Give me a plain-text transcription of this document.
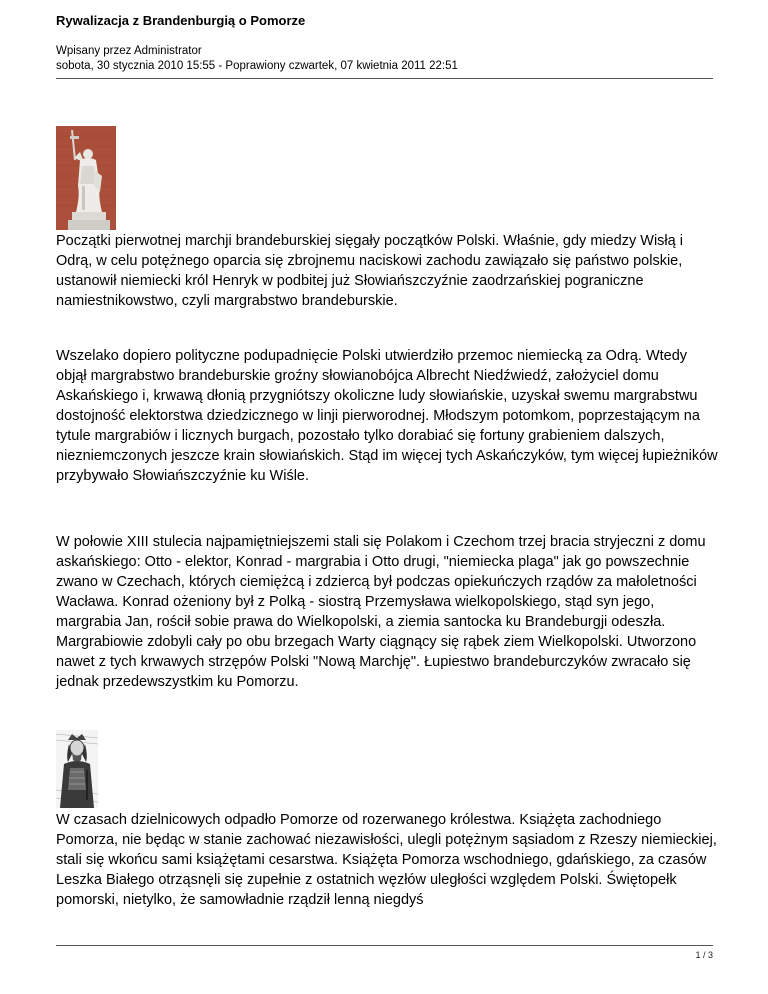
Rywalizacja z Brandenburgią o Pomorze
Wpisany przez Administrator
sobota, 30 stycznia 2010 15:55 - Poprawiony czwartek, 07 kwietnia 2011 22:51

Początki pierwotnej marchji brandeburskiej sięgały początków Polski. Właśnie, gdy miedzy Wisłą i Odrą, w celu potężnego oparcia się zbrojnemu naciskowi zachodu zawiązało się państwo polskie, ustanowił niemiecki król Henryk w podbitej już Słowiańszczyźnie zaodrzańskiej pograniczne namiestnikowstwo, czyli margrabstwo brandeburskie.

Wszelako dopiero polityczne podupadnięcie Polski utwierdziło przemoc niemiecką za Odrą. Wtedy objął margrabstwo brandeburskie groźny słowianobójca Albrecht Niedźwiedź, założyciel domu Askańskiego i, krwawą dłonią przygniótszy okoliczne ludy słowiańskie, uzyskał swemu margrabstwu dostojność elektorstwa dziedzicznego w linji pierworodnej. Młodszym potomkom, poprzestającym na tytule margrabiów i licznych burgach, pozostało tylko dorabiać się fortuny grabieniem dalszych, niezniemczonych jeszcze krain słowiańskich. Stąd im więcej tych Askańczyków, tym więcej łupieżników przybywało Słowiańszczyźnie ku Wiśle.

W połowie XIII stulecia najpamiętniejszemi stali się Polakom i Czechom trzej bracia stryjeczni z domu askańskiego: Otto - elektor, Konrad - margrabia i Otto drugi, "niemiecka plaga" jak go powszechnie zwano w Czechach, których ciemiężcą i zdziercą był podczas opiekuńczych rządów za małoletności Wacława. Konrad ożeniony był z Polką - siostrą Przemysława wielkopolskiego, stąd syn jego, margrabia Jan, rościł sobie prawa do Wielkopolski, a ziemia santocka ku Brandeburgji odeszła. Margrabiowie zdobyli cały po obu brzegach Warty ciągnący się rąbek ziem Wielkopolski. Utworzono nawet z tych krwawych strzępów Polski "Nową Marchję". Łupiestwo brandeburczyków zwracało się jednak przedewszystkim ku Pomorzu.

W czasach dzielnicowych odpadło Pomorze od rozerwanego królestwa. Książęta zachodniego Pomorza, nie będąc w stanie zachować niezawisłości, ulegli potężnym sąsiadom z Rzeszy niemieckiej, stali się wkońcu sami książętami cesarstwa. Książęta Pomorza wschodniego, gdańskiego, za czasów Leszka Białego otrząsnęli się zupełnie z ostatnich węzłów uległości względem Polski. Świętopełk pomorski, nietylko, że samowładnie rządził lenną niegdyś

1 / 3
